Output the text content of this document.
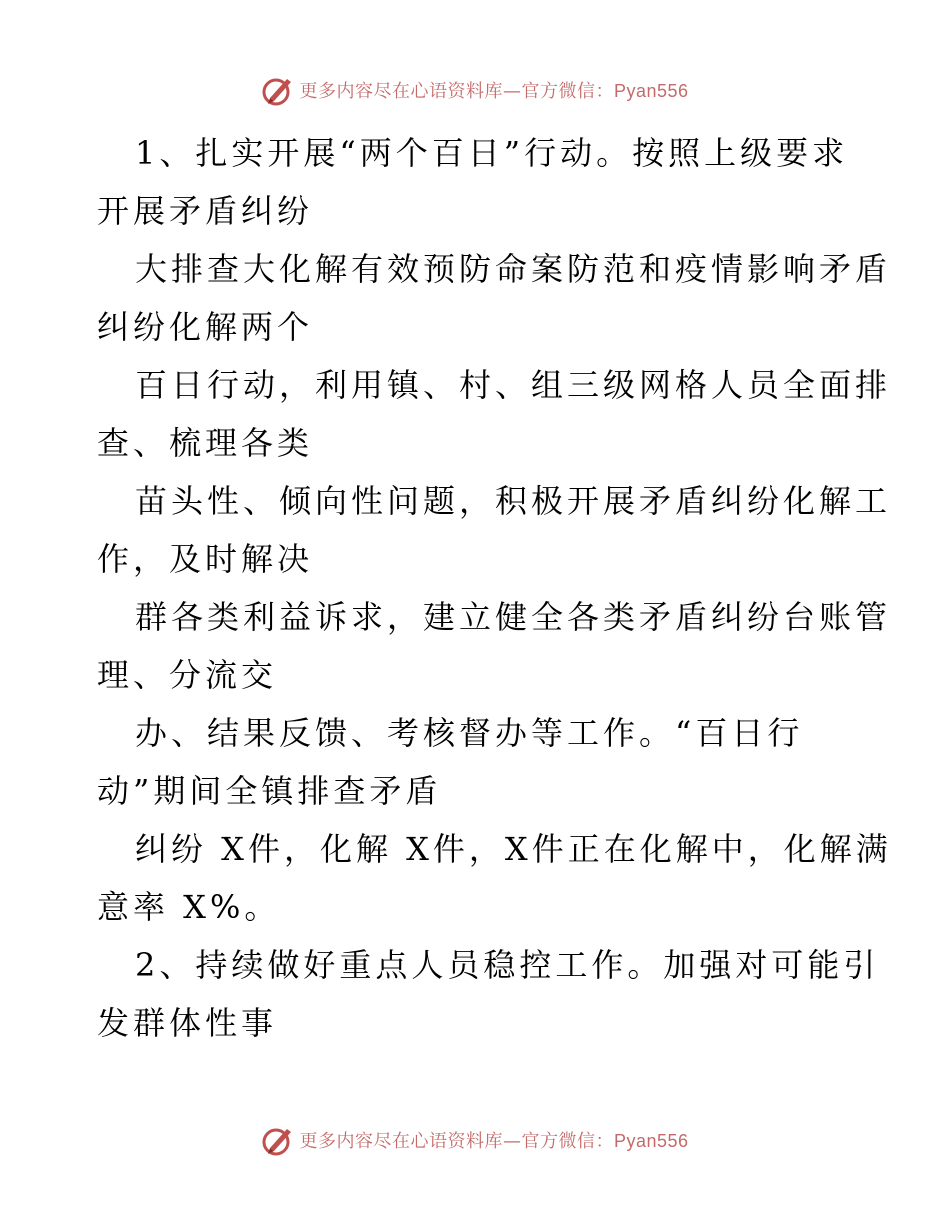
更多内容尽在心语资料库—官方微信：Pyan556
1、扎实开展“两个百日”行动。按照上级要求
开展矛盾纠纷
大排查大化解有效预防命案防范和疫情影响矛盾
纠纷化解两个
百日行动，利用镇、村、组三级网格人员全面排
查、梳理各类
苗头性、倾向性问题，积极开展矛盾纠纷化解工
作，及时解决
群各类利益诉求，建立健全各类矛盾纠纷台账管
理、分流交
办、结果反馈、考核督办等工作。“百日行
动”期间全镇排查矛盾
纠纷 X件，化解 X件，X件正在化解中，化解满
意率 X%。
2、持续做好重点人员稳控工作。加强对可能引
发群体性事
更多内容尽在心语资料库—官方微信：Pyan556
